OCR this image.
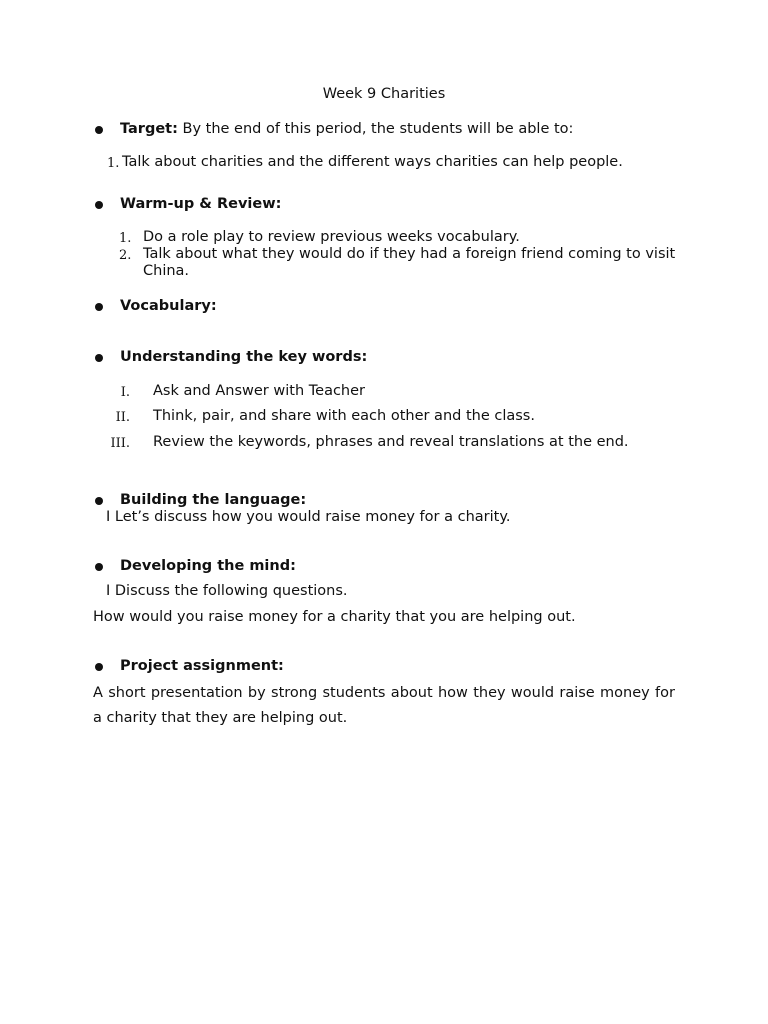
Week 9 Charities
Target: By the end of this period, the students will be able to:
1. Talk about charities and the different ways charities can help people.
Warm-up & Review:
1. Do a role play to review previous weeks vocabulary.
2. Talk about what they would do if they had a foreign friend coming to visit China.
Vocabulary:
Understanding the key words:
I. Ask and Answer with Teacher
II. Think, pair, and share with each other and the class.
III. Review the keywords, phrases and reveal translations at the end.
Building the language:
I Let’s discuss how you would raise money for a charity.
Developing the mind:
I Discuss the following questions.
How would you raise money for a charity that you are helping out.
Project assignment:
A short presentation by strong students about how they would raise money for a charity that they are helping out.
